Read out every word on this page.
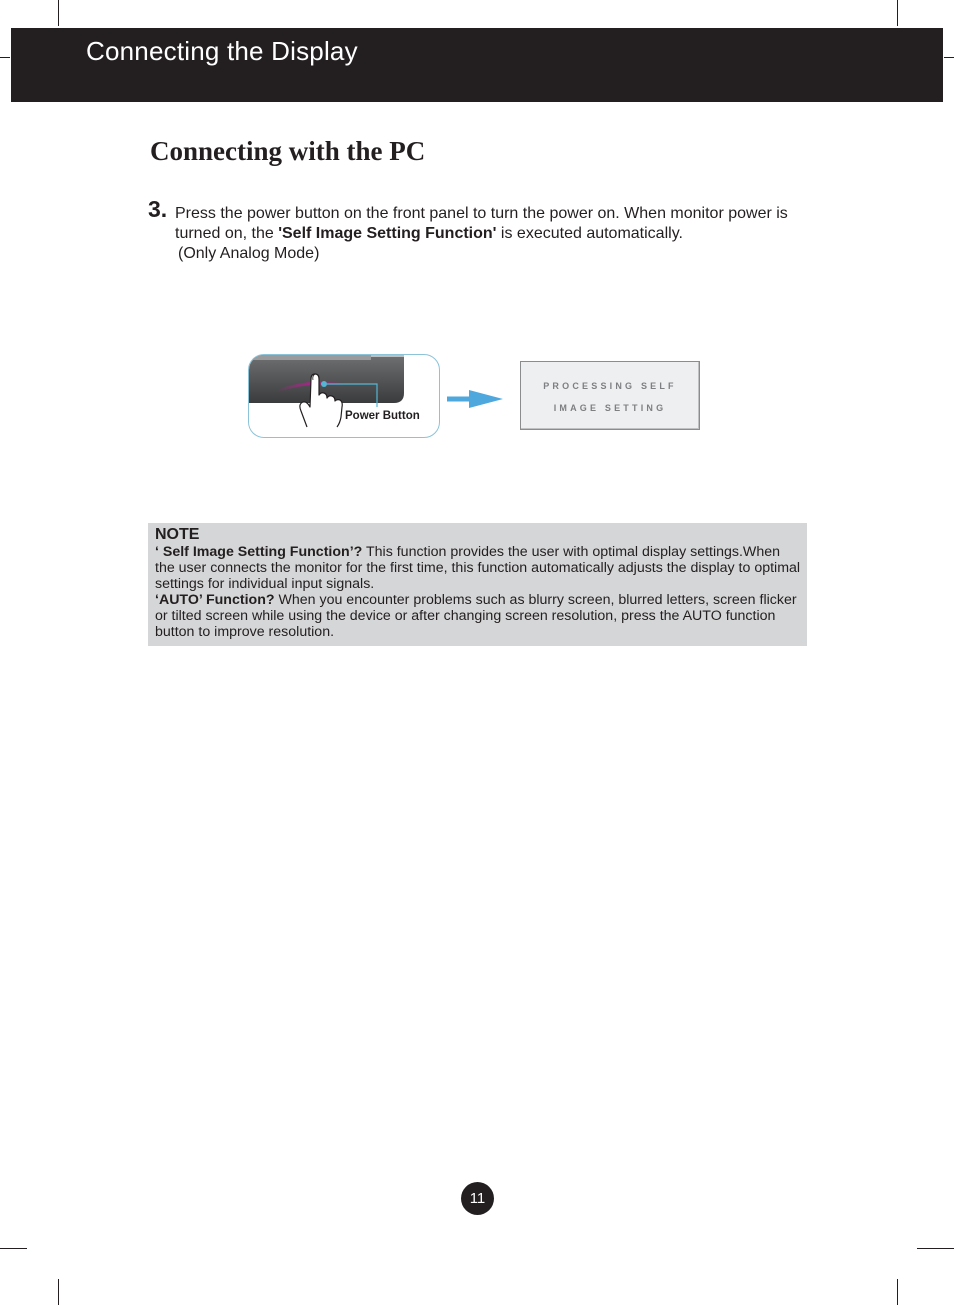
Connecting the Display
Connecting with the PC
3. Press the power button on the front panel to turn the power on. When monitor power is turned on, the 'Self Image Setting Function' is executed automatically.

(Only Analog Mode)

Power Button
PROCESSING SELF
IMAGE SETTING
NOTE

‘ Self Image Setting Function’? This function provides the user with optimal display settings.When the user connects the monitor for the first time, this function automatically adjusts the display to optimal settings for individual input signals.

‘AUTO’ Function? When you encounter problems such as blurry screen, blurred letters, screen flicker or tilted screen while using the device or after changing screen resolution, press the AUTO function button to improve resolution.

11
